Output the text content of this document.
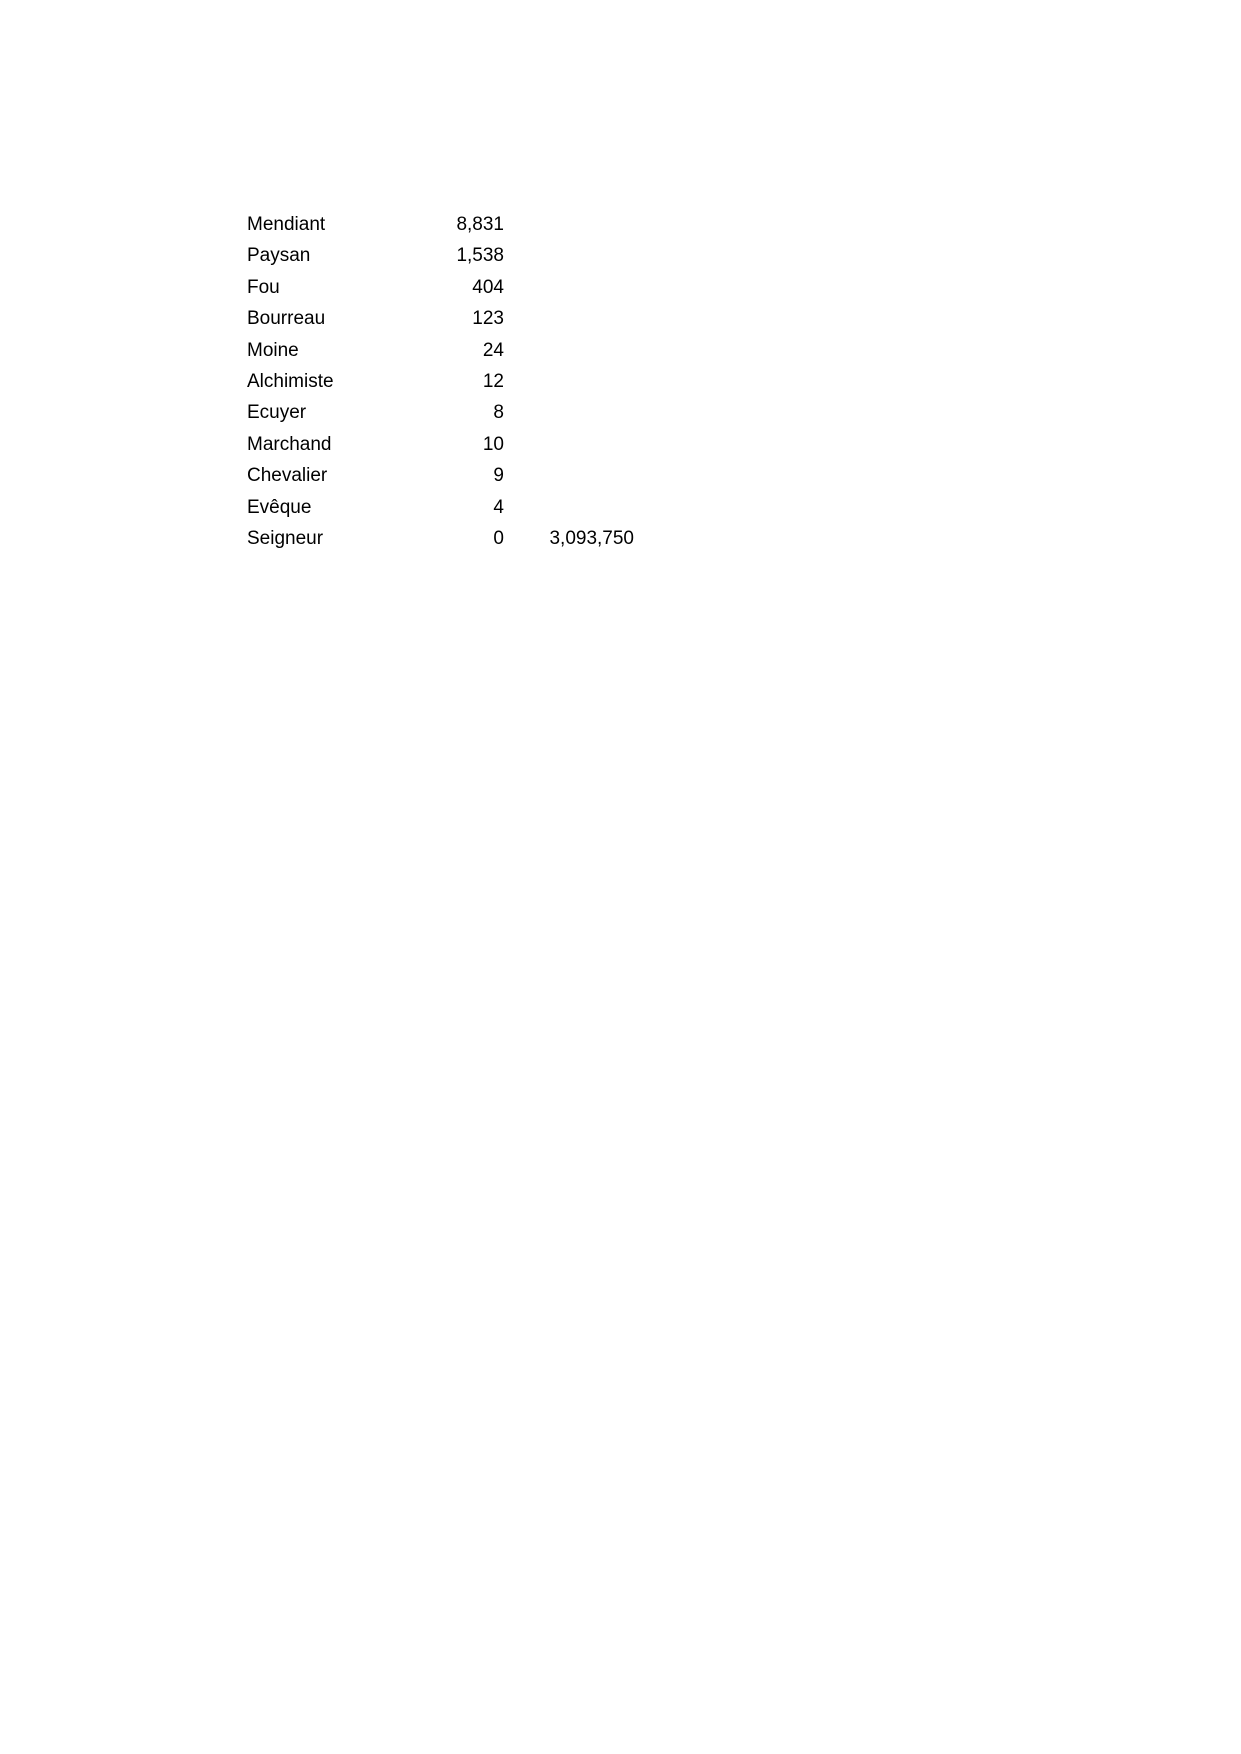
Mendiant	8,831
Paysan	1,538
Fou	404
Bourreau	123
Moine	24
Alchimiste	12
Ecuyer	8
Marchand	10
Chevalier	9
Evêque	4
Seigneur	0	3,093,750
